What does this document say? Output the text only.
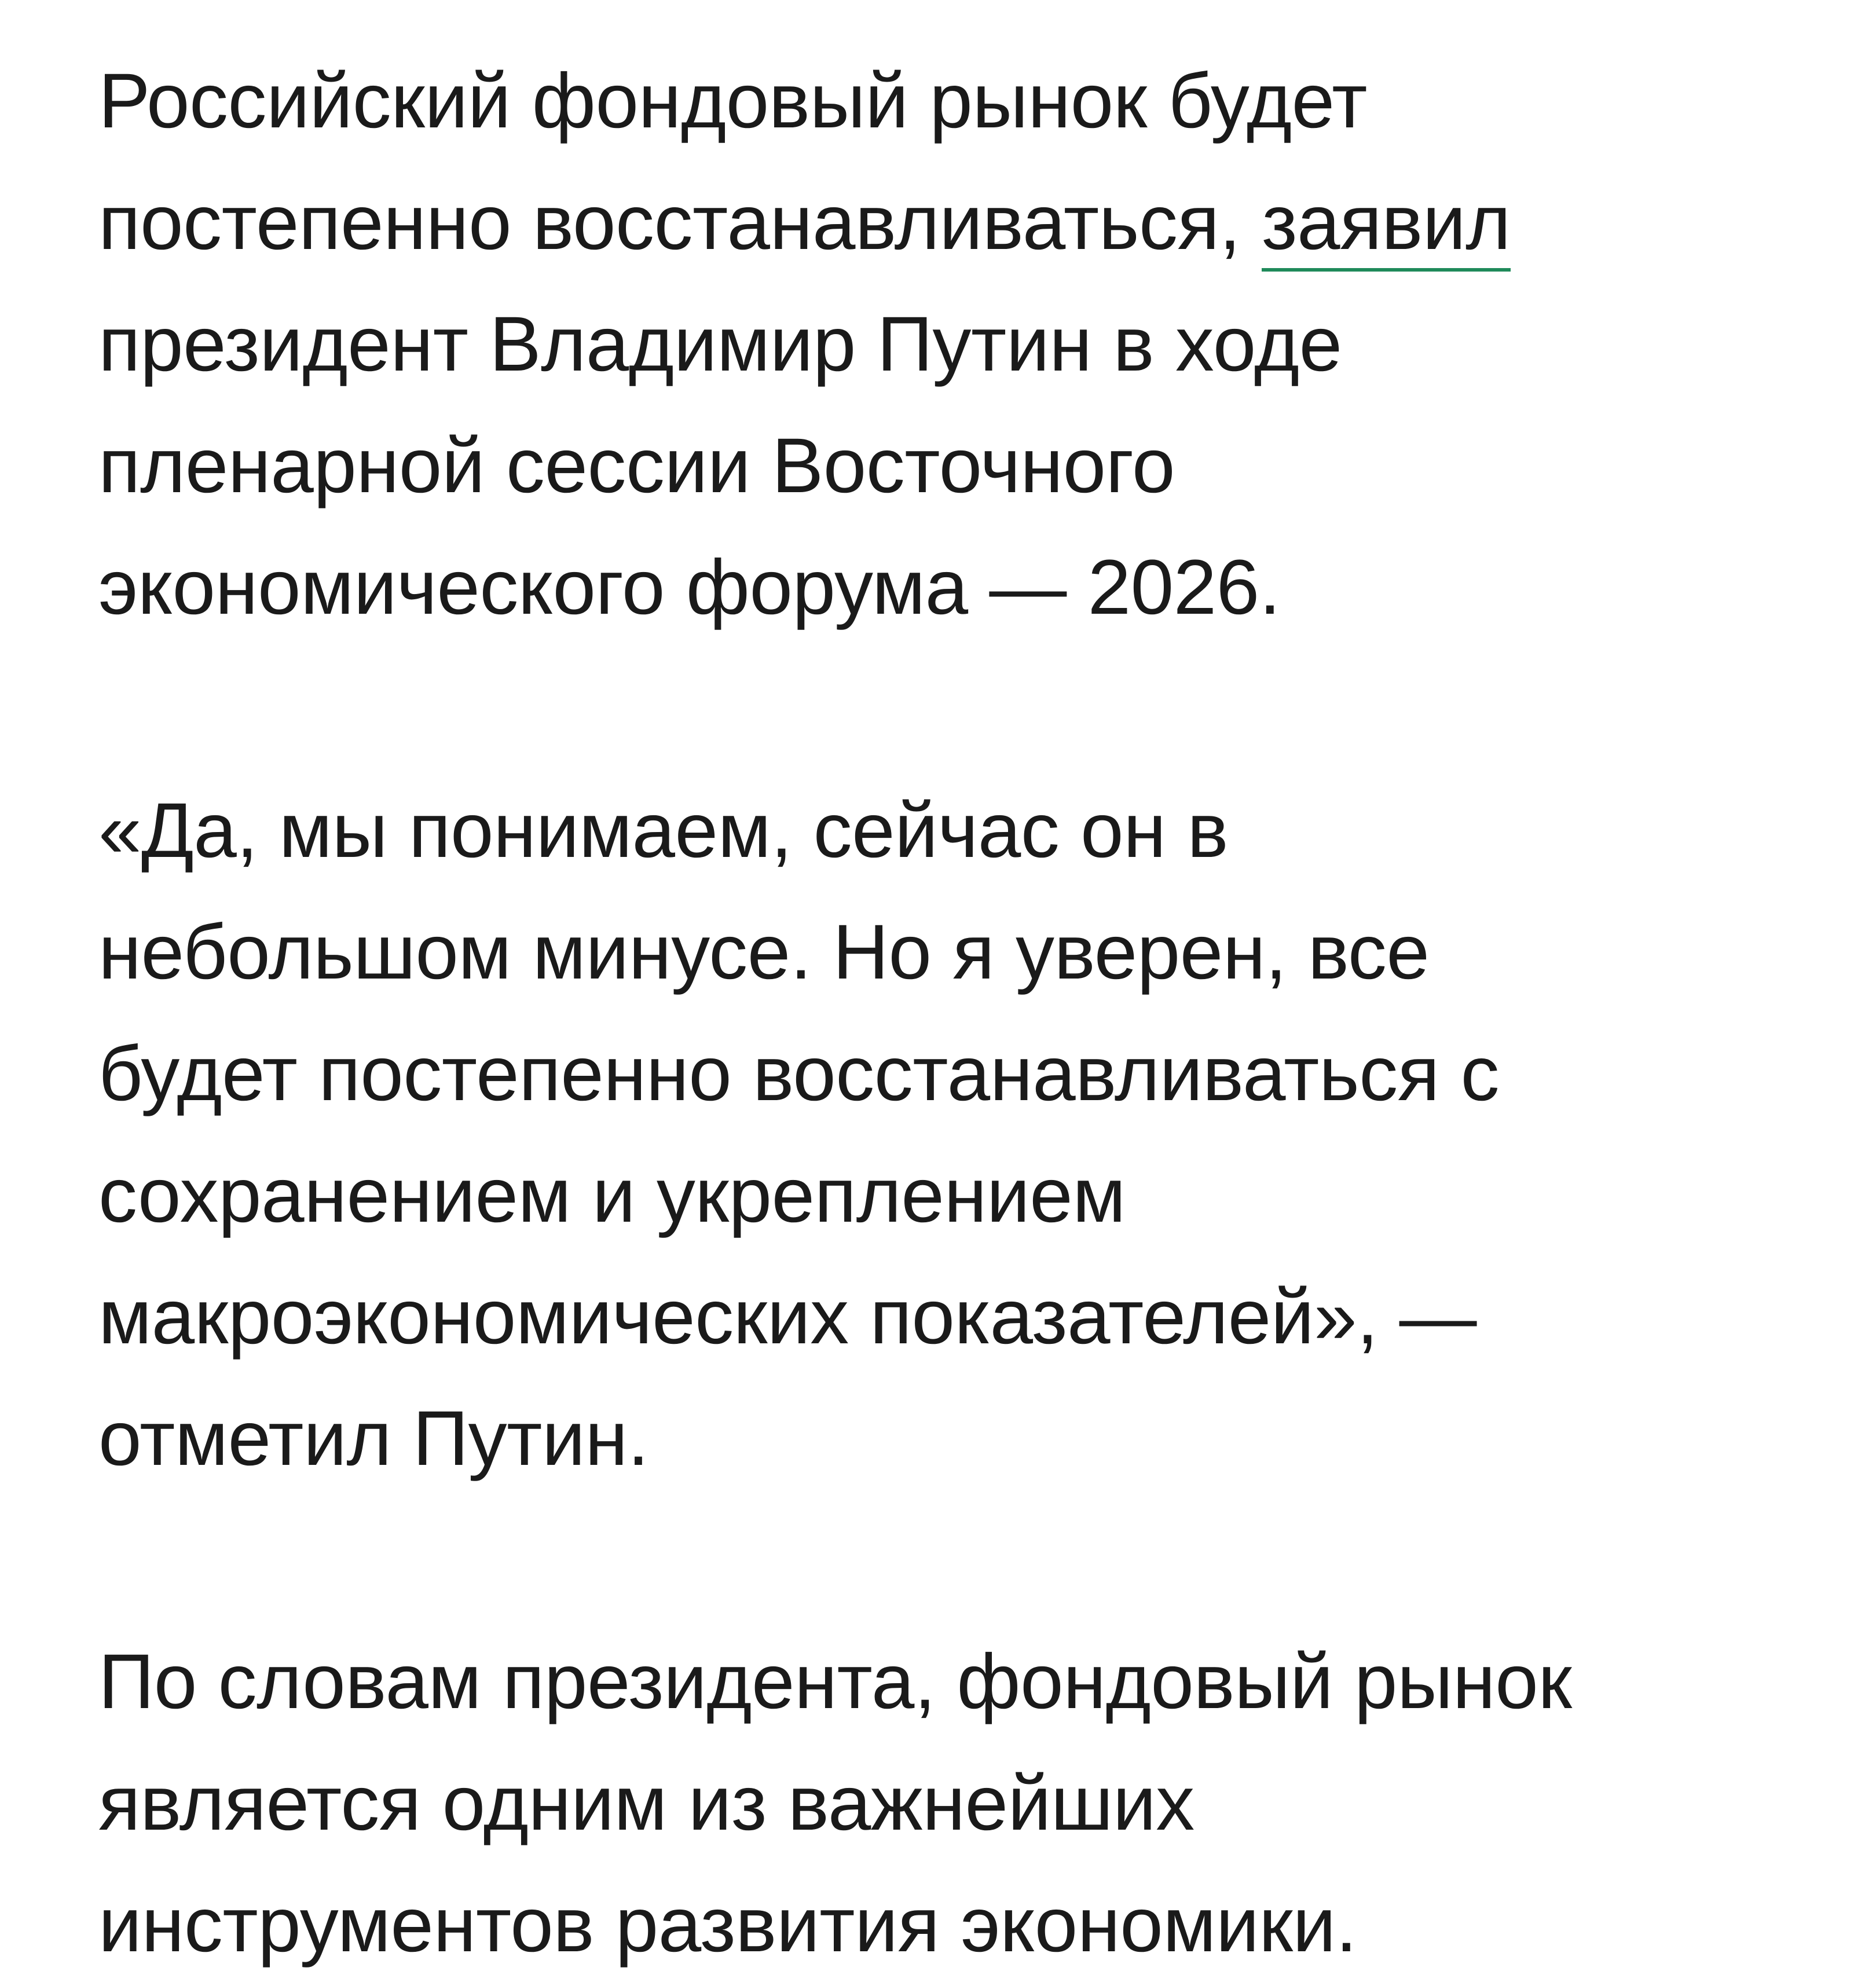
Российский фондовый рынок будет
постепенно восстанавливаться, заявил
президент Владимир Путин в ходе
пленарной сессии Восточного
экономического форума — 2026.

«Да, мы понимаем, сейчас он в
небольшом минусе. Но я уверен, все
будет постепенно восстанавливаться с
сохранением и укреплением
макроэкономических показателей», —
отметил Путин.

По словам президента, фондовый рынок
является одним из важнейших
инструментов развития экономики.
